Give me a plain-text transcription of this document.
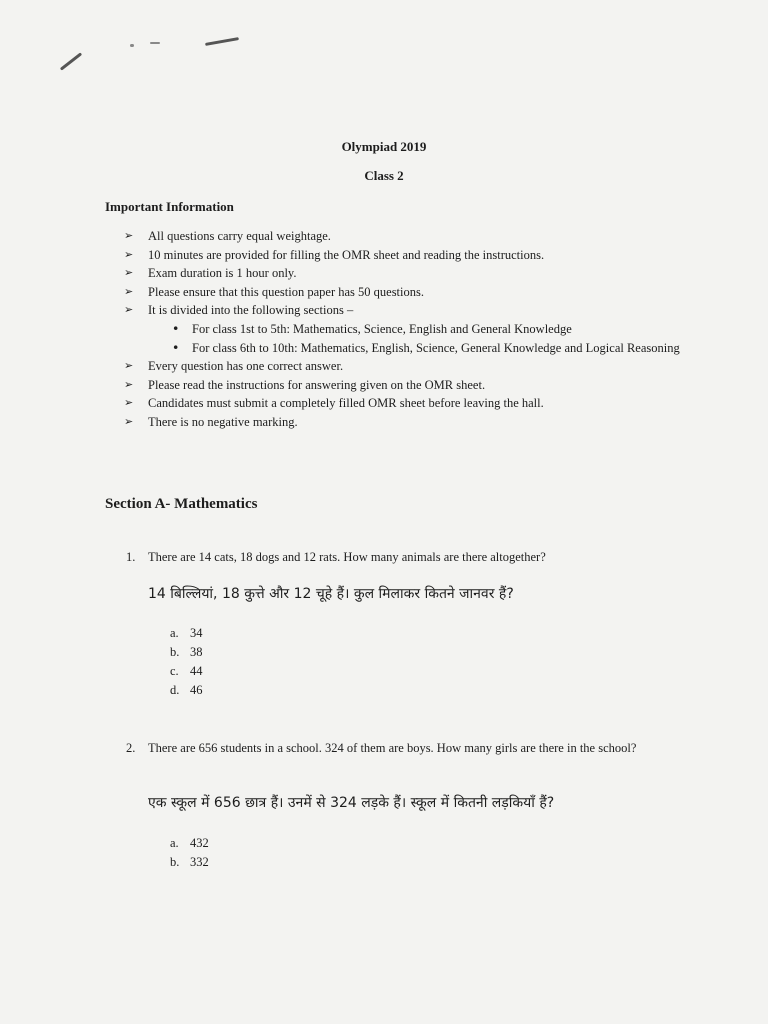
Olympiad 2019
Class 2
Important Information
➢ All questions carry equal weightage.
➢ 10 minutes are provided for filling the OMR sheet and reading the instructions.
➢ Exam duration is 1 hour only.
➢ Please ensure that this question paper has 50 questions.
➢ It is divided into the following sections –
• For class 1st to 5th: Mathematics, Science, English and General Knowledge
• For class 6th to 10th: Mathematics, English, Science, General Knowledge and Logical Reasoning
➢ Every question has one correct answer.
➢ Please read the instructions for answering given on the OMR sheet.
➢ Candidates must submit a completely filled OMR sheet before leaving the hall.
➢ There is no negative marking.
Section A- Mathematics
1. There are 14 cats, 18 dogs and 12 rats. How many animals are there altogether?
14 बिल्लियां, 18 कुत्ते और 12 चूहे हैं। कुल मिलाकर कितने जानवर हैं?
a. 34
b. 38
c. 44
d. 46
2. There are 656 students in a school. 324 of them are boys. How many girls are there in the school?
एक स्कूल में 656 छात्र हैं। उनमें से 324 लड़के हैं। स्कूल में कितनी लड़कियाँ हैं?
a. 432
b. 332
